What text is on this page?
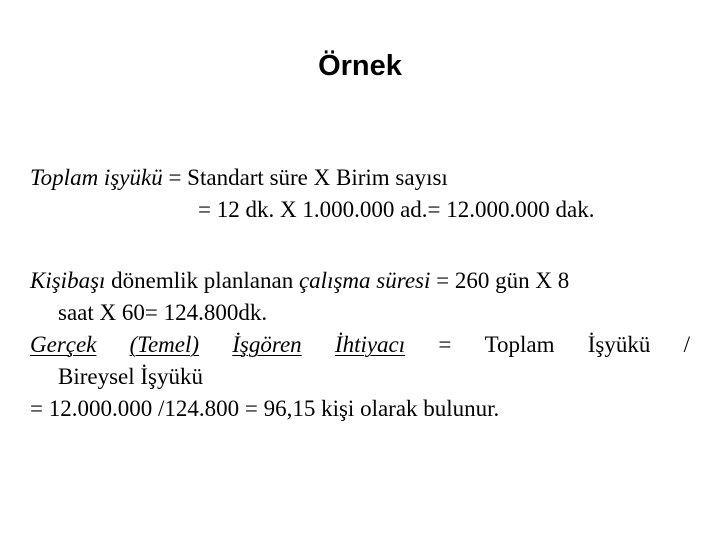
Örnek
Toplam işyükü = Standart süre X Birim sayısı
= 12 dk. X 1.000.000 ad.= 12.000.000 dak.
Kişibaşı dönemlik planlanan çalışma süresi = 260 gün X 8
saat X 60= 124.800dk.
Gerçek (Temel) İşgören İhtiyacı = Toplam İşyükü /
Bireysel İşyükü
= 12.000.000 /124.800 = 96,15 kişi olarak bulunur.
